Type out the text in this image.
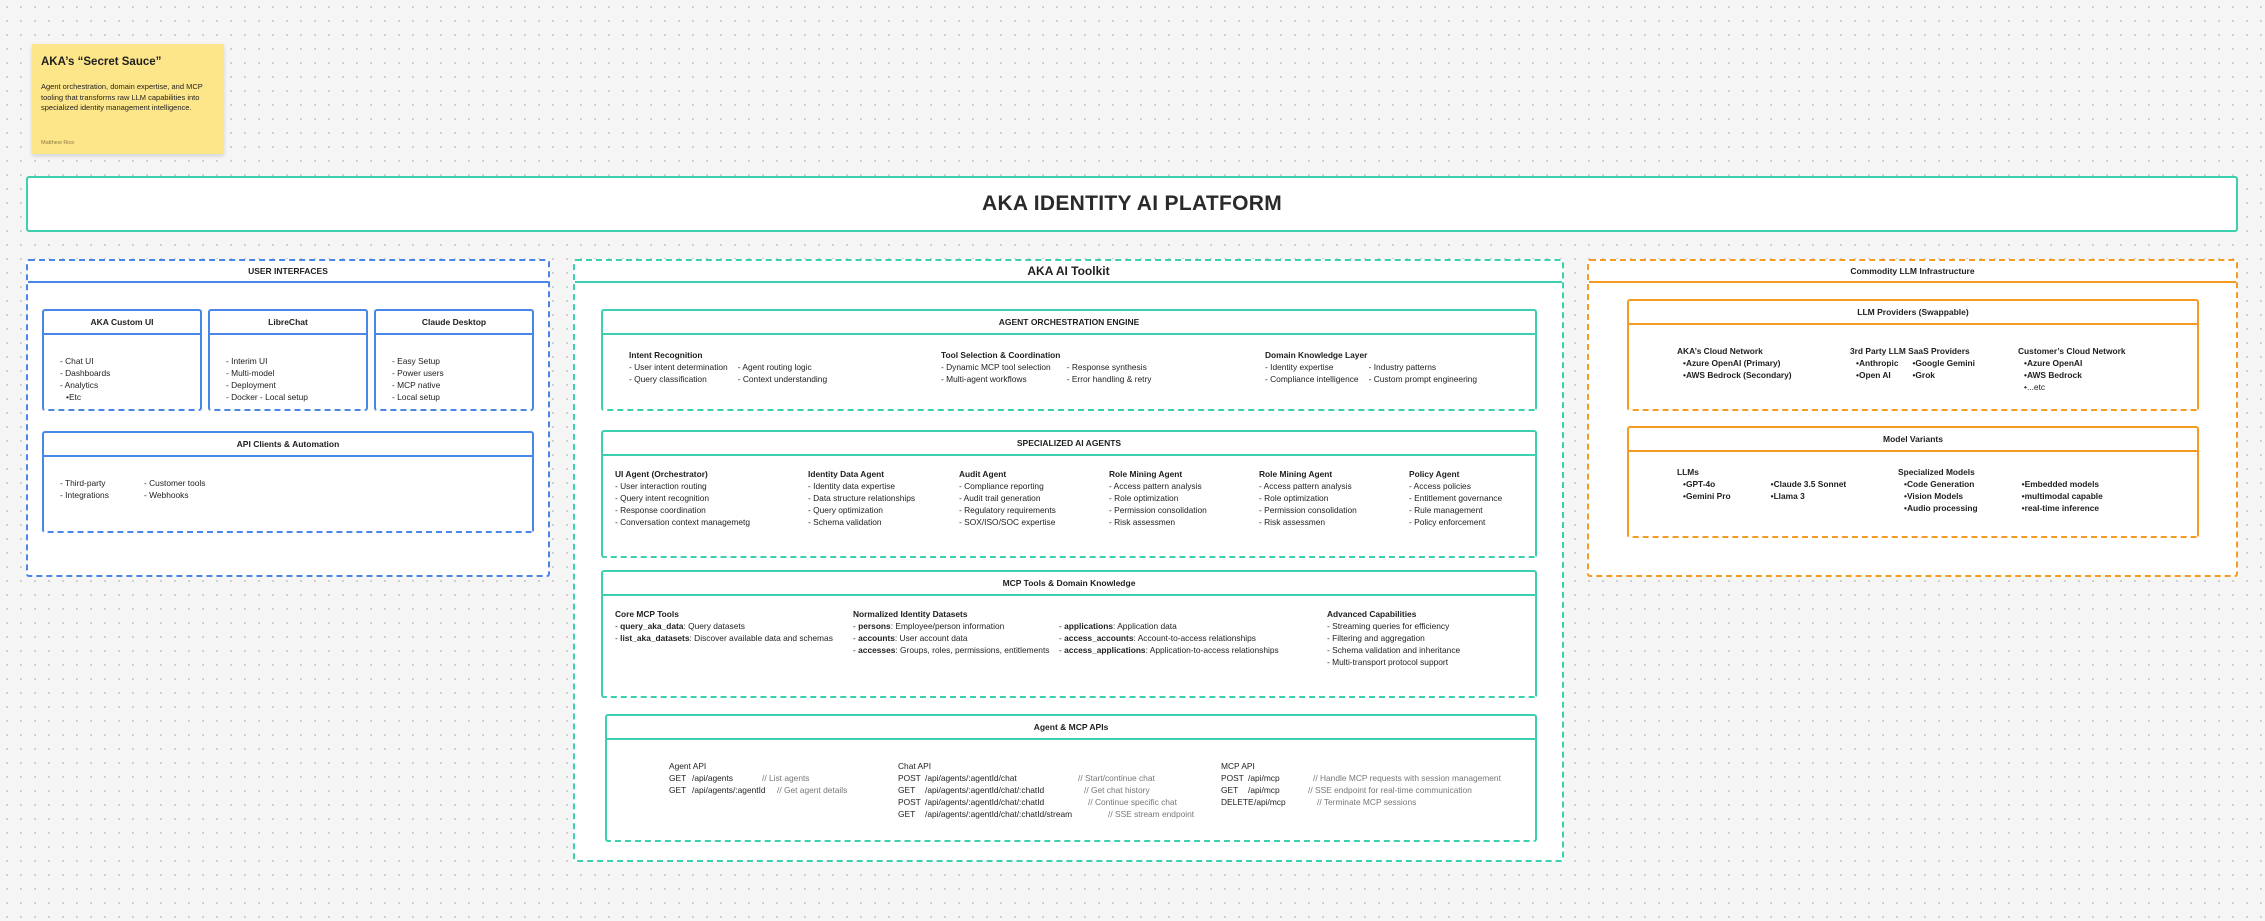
AKA’s “Secret Sauce”
Agent orchestration, domain expertise, and MCP tooling that transforms raw LLM capabilities into specialized identity management intelligence.
Matthew Rice
AKA IDENTITY AI PLATFORM
USER INTERFACES
AKA Custom UI
- Chat UI
- Dashboards
- Analytics
• Etc
LibreChat
- Interim UI
- Multi-model
- Deployment
- Docker - Local setup
Claude Desktop
- Easy Setup
- Power users
- MCP native
- Local setup
API Clients & Automation
- Third-party
- Integrations
- Customer tools
- Webhooks
AKA AI Toolkit
AGENT ORCHESTRATION ENGINE
Intent Recognition
- User intent determination
- Query classification
- Agent routing logic
- Context understanding
Tool Selection & Coordination
- Dynamic MCP tool selection
- Multi-agent workflows
- Response synthesis
- Error handling & retry
Domain Knowledge Layer
- Identity expertise
- Compliance intelligence
- Industry patterns
- Custom prompt engineering
SPECIALIZED AI AGENTS
UI Agent (Orchestrator)
- User interaction routing
- Query intent recognition
- Response coordination
- Conversation context managemetg
Identity Data Agent
- Identity data expertise
- Data structure relationships
- Query optimization
- Schema validation
Audit Agent
- Compliance reporting
- Audit trail generation
- Regulatory requirements
- SOX/ISO/SOC expertise
Role Mining Agent
- Access pattern analysis
- Role optimization
- Permission consolidation
- Risk assessmen
Role Mining Agent
- Access pattern analysis
- Role optimization
- Permission consolidation
- Risk assessmen
Policy Agent
- Access policies
- Entitlement governance
- Rule management
- Policy enforcement
MCP Tools & Domain Knowledge
Core MCP Tools
- query_aka_data: Query datasets
- list_aka_datasets: Discover available data and schemas
Normalized Identity Datasets
- persons: Employee/person information
- accounts: User account data
- accesses: Groups, roles, permissions, entitlements
- applications: Application data
- access_accounts: Account-to-access relationships
- access_applications: Application-to-access relationships
Advanced Capabilities
- Streaming queries for efficiency
- Filtering and aggregation
- Schema validation and inheritance
- Multi-transport protocol support
Agent & MCP APIs
Agent API
GET /api/agents	// List agents
GET /api/agents/:agentId // Get agent details
Chat API
POST /api/agents/:agentId/chat	// Start/continue chat
GET /api/agents/:agentId/chat/:chatId	// Get chat history
POST /api/agents/:agentId/chat/:chatId	// Continue specific chat
GET /api/agents/:agentId/chat/:chatId/stream	// SSE stream endpoint
MCP API
POST /api/mcp	// Handle MCP requests with session management
GET /api/mcp	// SSE endpoint for real-time communication
DELETE/api/mcp	// Terminate MCP sessions
Commodity LLM Infrastructure
LLM Providers (Swappable)
AKA’s Cloud Network
• Azure OpenAI (Primary)
• AWS Bedrock (Secondary)
3rd Party LLM SaaS Providers
• Anthropic
• Open AI
• Google Gemini
• Grok
Customer’s Cloud Network
• Azure OpenAI
• AWS Bedrock
• ...etc
Model Variants
LLMs
• GPT-4o
• Gemini Pro
• Claude 3.5 Sonnet
• Llama 3
Specialized Models
• Code Generation
• Vision Models
• Audio processing
• Embedded models
• multimodal capable
• real-time inference
